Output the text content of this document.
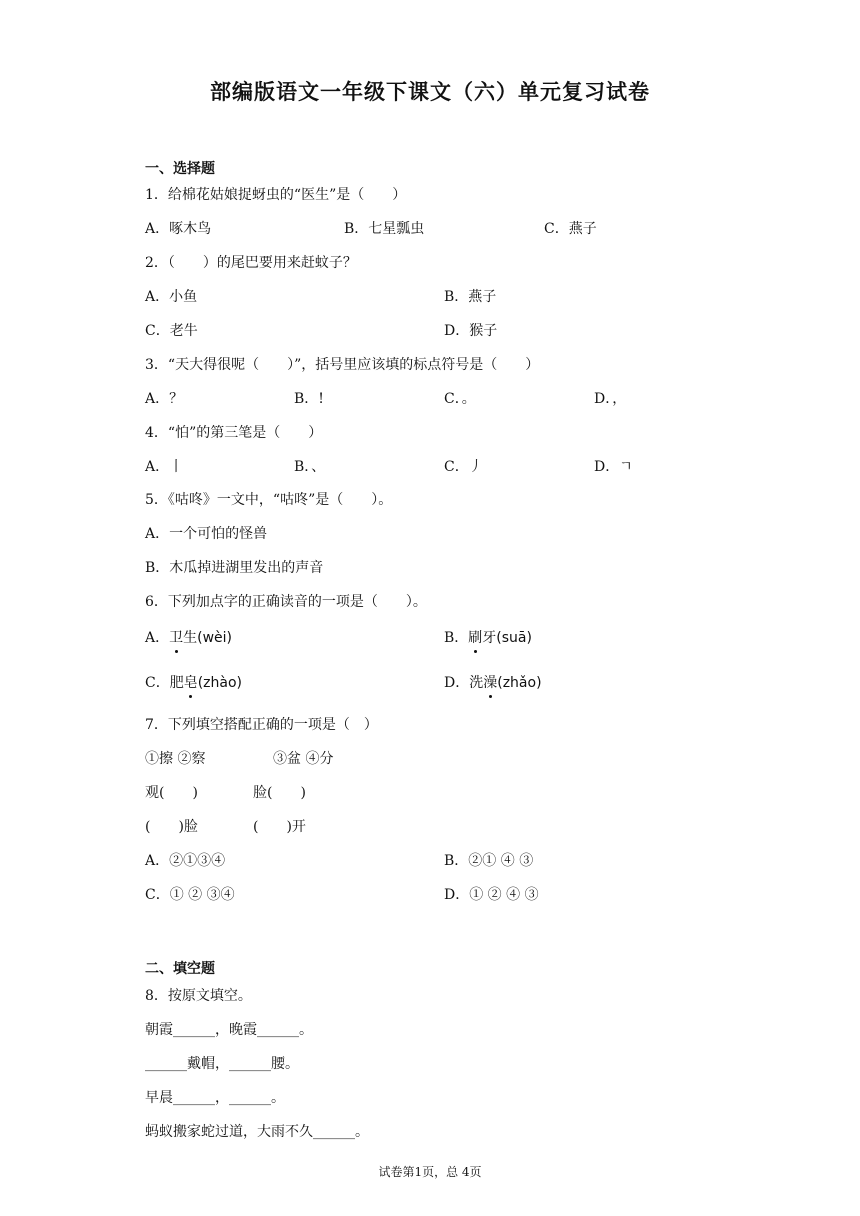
部编版语文一年级下课文（六）单元复习试卷
一、选择题
1．给棉花姑娘捉蚜虫的“医生”是（　　）
A．啄木鸟	B．七星瓢虫	C．燕子
2．（　　）的尾巴要用来赶蚊子？
A．小鱼	B．燕子
C．老牛	D．猴子
3．“天大得很呢（　　）”，括号里应该填的标点符号是（　　）
A．？	B．!	C．。	D．，
4．“怕”的第三笔是（　　）
A．丨	B．、	C．丿	D．ㄱ
5．《咕咚》一文中，“咕咚”是（　　）。
A．一个可怕的怪兽
B．木瓜掉进湖里发出的声音
6．下列加点字的正确读音的一项是（　　）。
A．卫生(wèi)	B．刷牙(suā)
C．肥皂(zhào)	D．洗澡(zhǎo)
7．下列填空搭配正确的一项是（　）
①擦 ②察	③盆 ④分
观(　　)	脸(　　)
(　　)脸	(　　)开
A．②①③④	B．②① ④ ③
C．① ② ③④	D．① ② ④ ③
二、填空题
8．按原文填空。
朝霞______，晚霞______。
______戴帽，______腰。
早晨______，______。
蚂蚁搬家蛇过道，大雨不久______。
试卷第1页，总 4页
